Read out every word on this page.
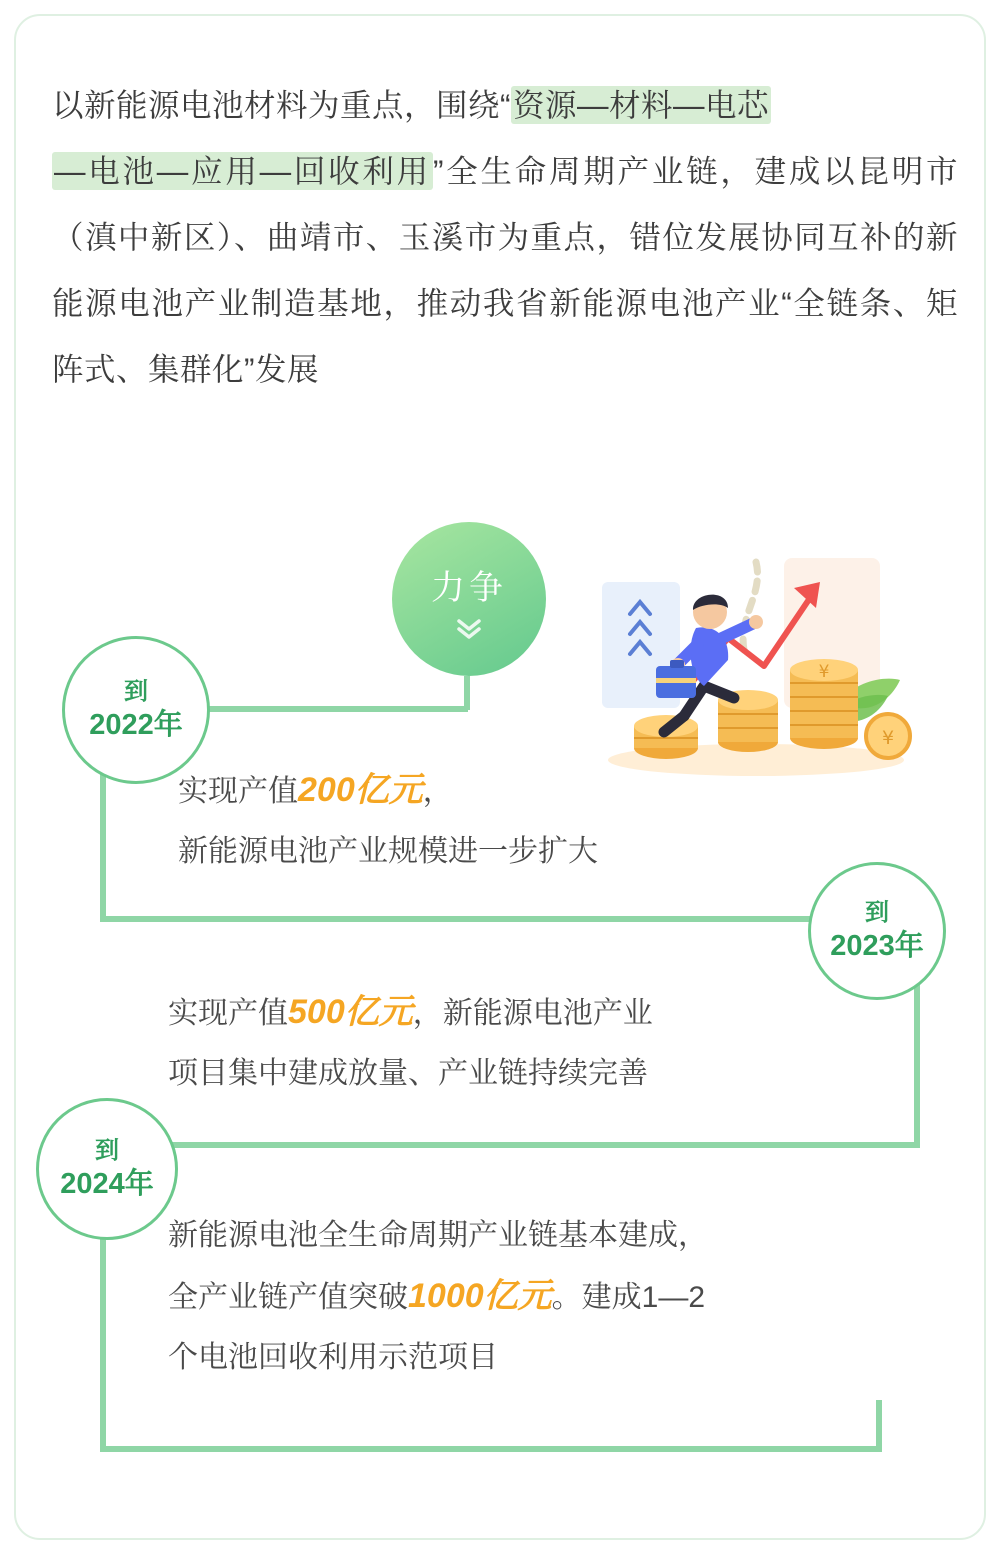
以新能源电池材料为重点，围绕“资源—材料—电芯
—电池—应用—回收利用”全生命周期产业链，建成以昆明市（滇中新区）、曲靖市、玉溪市为重点，错位发展协同互补的新能源电池产业制造基地，推动我省新能源电池产业“全链条、矩阵式、集群化”发展
¥
¥
力争
到
2022年
实现产值200亿元，
新能源电池产业规模进一步扩大
到
2023年
实现产值500亿元，新能源电池产业
项目集中建成放量、产业链持续完善
到
2024年
新能源电池全生命周期产业链基本建成，
全产业链产值突破1000亿元。建成1—2
个电池回收利用示范项目
